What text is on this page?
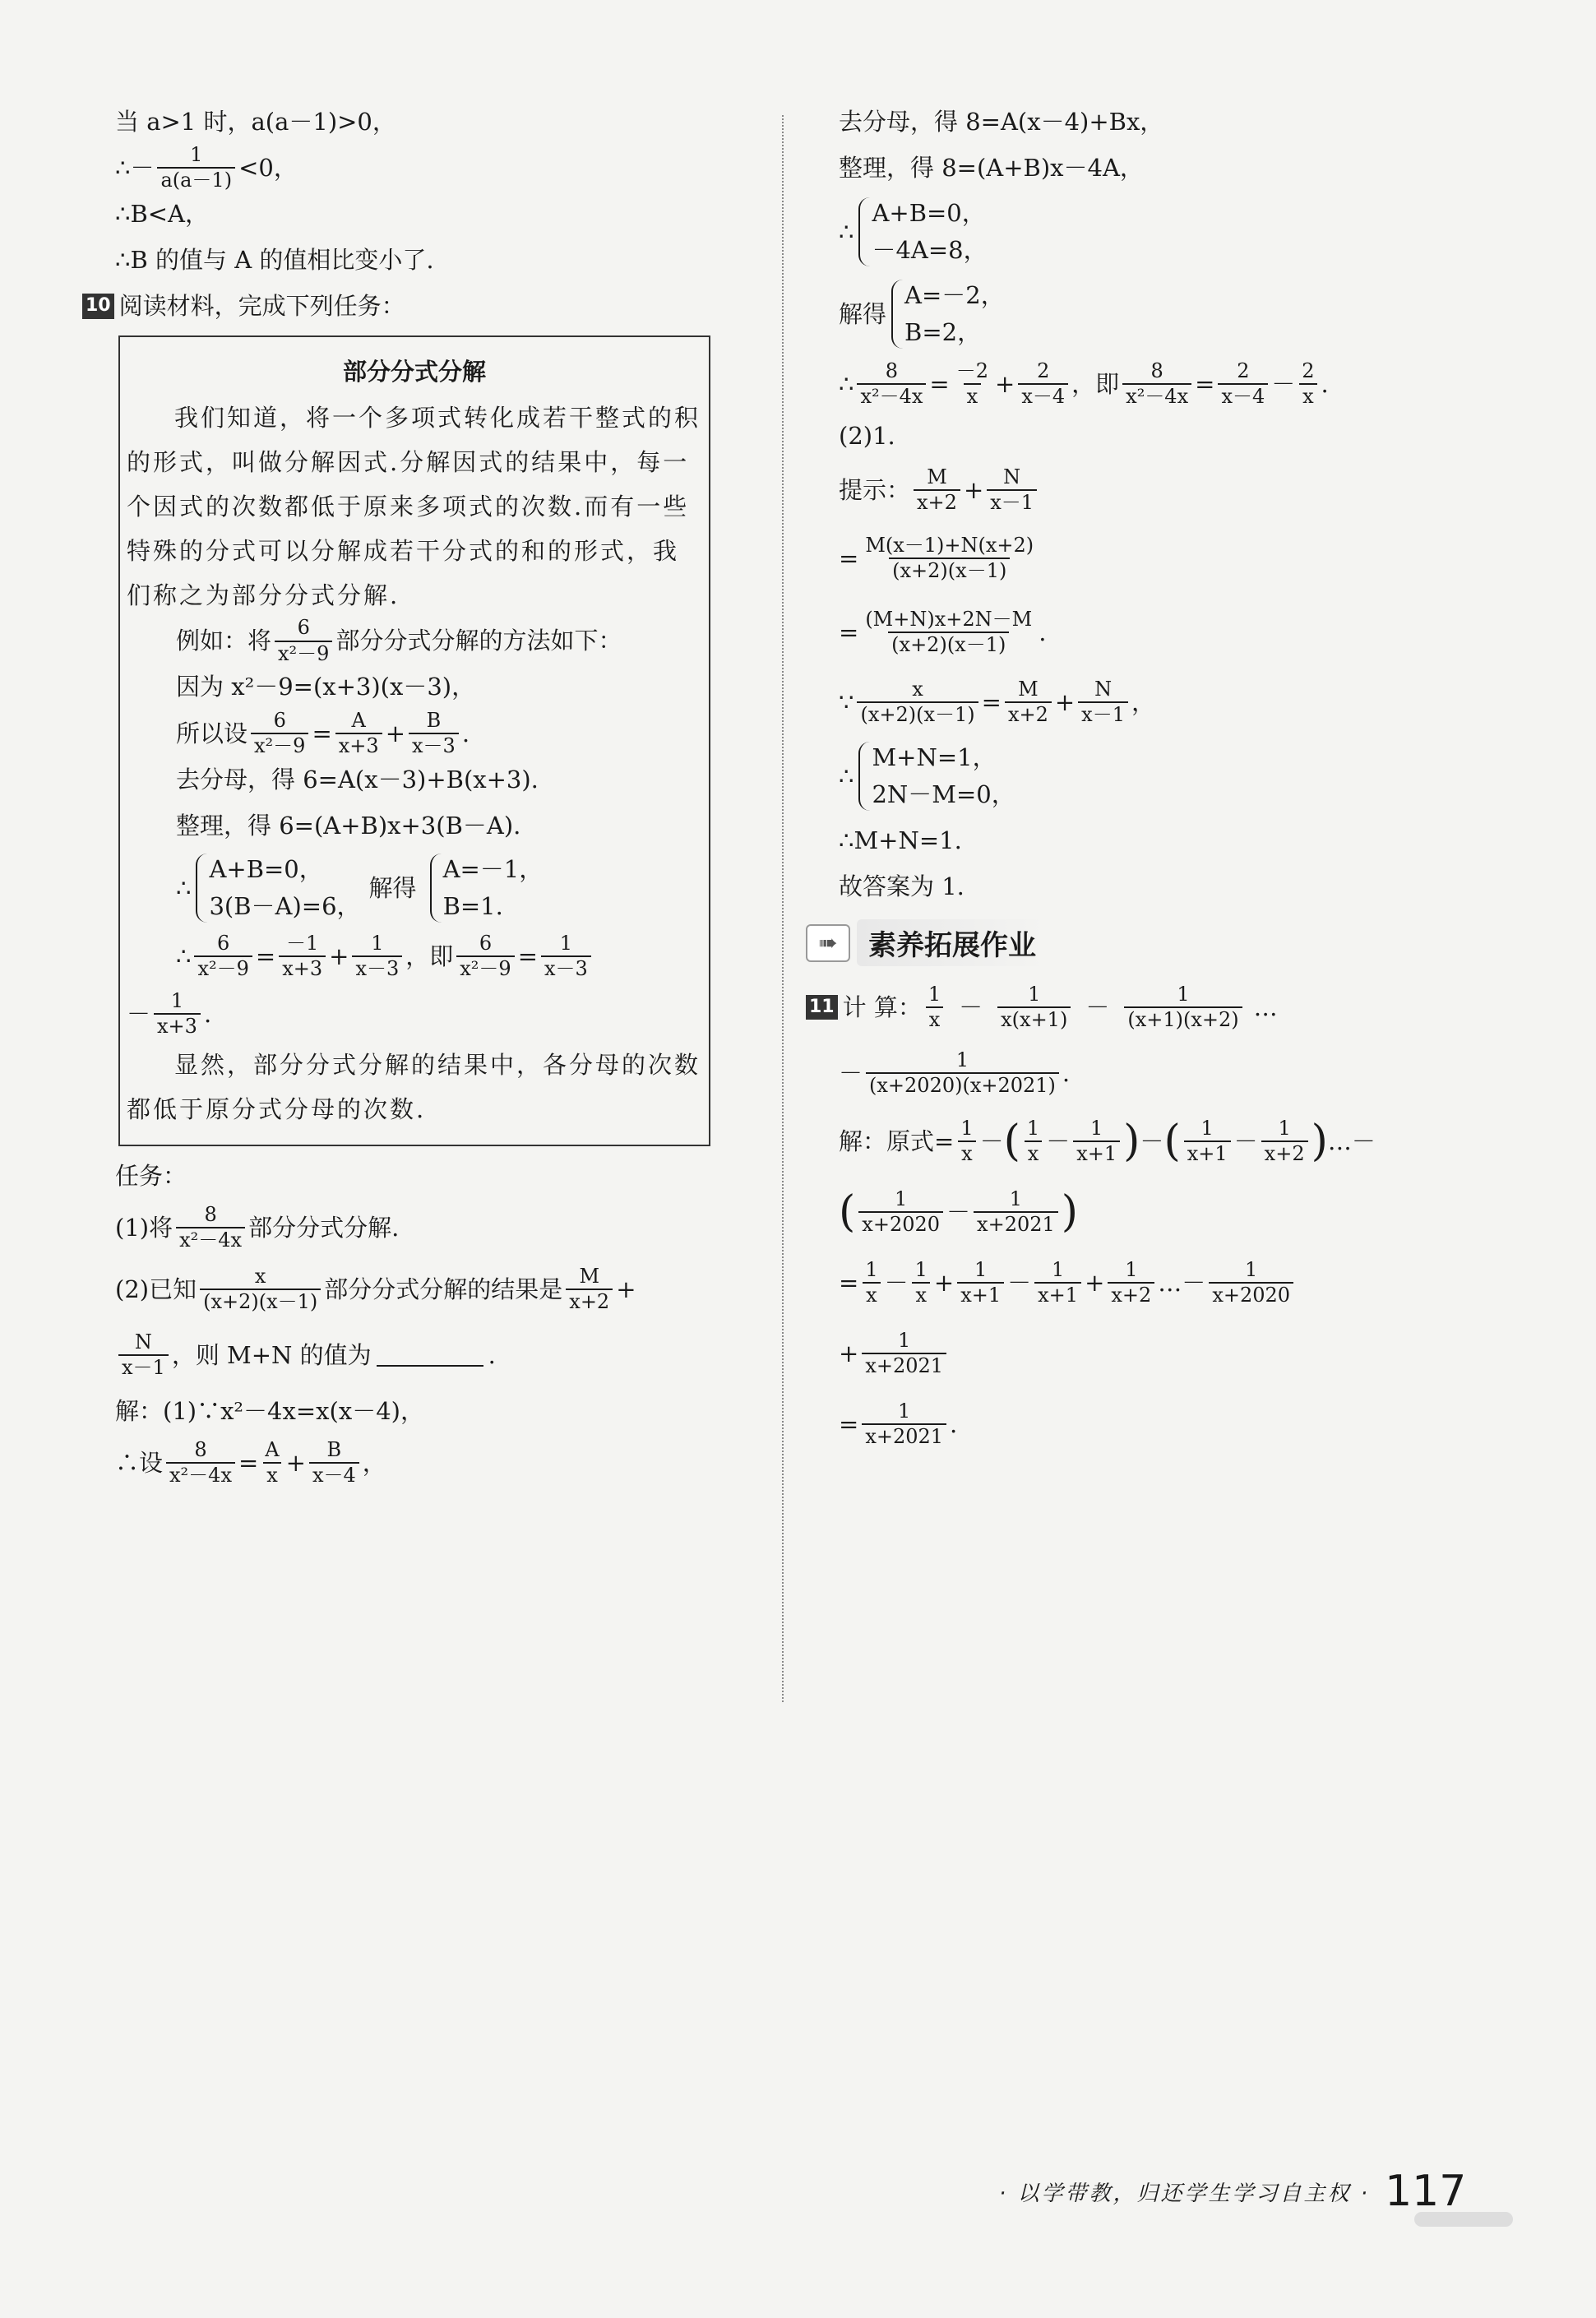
当 a>1 时，a(a－1)>0，
∴－ $\frac{1}{a(a-1)} <0$，
∴B<A，
∴B 的值与 A 的值相比变小了.
10 阅读材料，完成下列任务：
部分分式分解
我们知道，将一个多项式转化成若干整式的积的形式，叫做分解因式.分解因式的结果中，每一个因式的次数都低于原来多项式的次数.而有一些特殊的分式可以分解成若干分式的和的形式，我们称之为部分分式分解.
例如：将 $\frac{6}{\text{x²－9}}$ 部分分式分解的方法如下：
因为 x²－9=(x+3)(x－3)，
所以设 $\frac{6}{\text{x²－9}} = \frac{A}{x+3} + \frac{B}{x-3}$ .
去分母，得 6=A(x－3)+B(x+3).
整理，得 6=(A+B)x+3(B－A).
∴
A+B=0，
3(B－A)=6，
解得
A=－1，
B=1.
∴ $\frac{6}{\text{x²－9}} = \frac{-1}{x+3} + \frac{1}{x-3}$ ，即 $\frac{6}{\text{x²－9}} = \frac{1}{x-3}$
－ $\frac{1}{x+3}$ .
显然，部分分式分解的结果中，各分母的次数都低于原分式分母的次数.
任务：
(1)将 $\frac{8}{\text{x²－4x}}$ 部分分式分解.
(2)已知 $\frac{x}{(x+2)(x-1)}$ 部分分式分解的结果是 $\frac{M}{x+2}$ +
$\frac{N}{x-1}$ ，则 M+N 的值为	.
解：(1)∵x²－4x=x(x－4)，
∴设 $\frac{8}{\text{x²－4x}} = \frac{A}{x} + \frac{B}{x-4}$ ，
去分母，得 8=A(x－4)+Bx，
整理，得 8=(A+B)x－4A，
∴
A+B=0，
－4A=8，
解得
A=－2，
B=2，
∴ $\frac{8}{\text{x²－4x}} = \frac{-2}{x} + \frac{2}{x-4}$ ，即 $\frac{8}{\text{x²－4x}} = \frac{2}{x-4} - \frac{2}{x}$ .
(2)1.
提示： $\frac{M}{x+2} + \frac{N}{x-1}$
= $\frac{M(x-1)+N(x+2)}{(x+2)(x-1)}$
= $\frac{(M+N)x+2N-M}{(x+2)(x-1)}$ .
∵ $\frac{x}{(x+2)(x-1)} = \frac{M}{x+2} + \frac{N}{x-1}$ ，
∴
M+N=1，
2N－M=0，
∴M+N=1.
故答案为 1.
➠	素养拓展作业
11 计 算： $\frac{1}{x} - \frac{1}{x(x+1)} - \frac{1}{(x+1)(x+2)}$ …
－ $\frac{1}{(x+2020)(x+2021)}$ .
解：原式= $\frac{1}{x}$ － ( $\frac{1}{x} - \frac{1}{x+1}$ ) － ( $\frac{1}{x+1} - \frac{1}{x+2}$ ) …－
( $\frac{1}{x+2020} - \frac{1}{x+2021}$ )
= $\frac{1}{x} - \frac{1}{x} + \frac{1}{x+1} - \frac{1}{x+1} + \frac{1}{x+2}$ …－ $\frac{1}{x+2020}$
+ $\frac{1}{x+2021}$
= $\frac{1}{x+2021}$ .
· 以学带教，归还学生学习自主权 · 117
